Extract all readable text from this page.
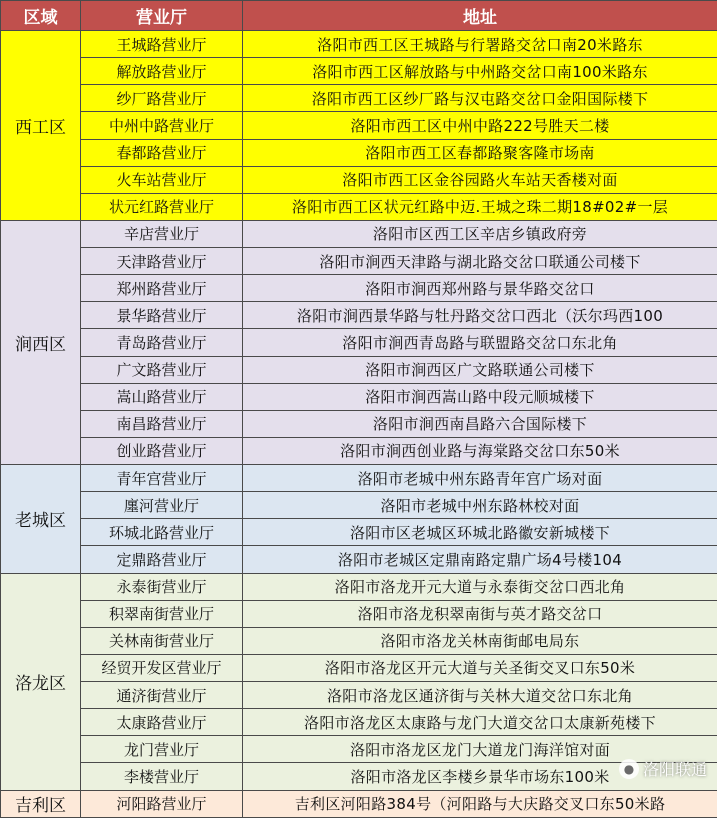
区域	营业厅	地址
西工区	王城路营业厅	洛阳市西工区王城路与行署路交岔口南20米路东
	解放路营业厅	洛阳市西工区解放路与中州路交岔口南100米路东
	纱厂路营业厅	洛阳市西工区纱厂路与汉屯路交岔口金阳国际楼下
	中州中路营业厅	洛阳市西工区中州中路222号胜天二楼
	春都路营业厅	洛阳市西工区春都路聚客隆市场南
	火车站营业厅	洛阳市西工区金谷园路火车站天香楼对面
	状元红路营业厅	洛阳市西工区状元红路中迈.王城之珠二期18#02#一层
涧西区	辛店营业厅	洛阳市区西工区辛店乡镇政府旁
	天津路营业厅	洛阳市涧西天津路与湖北路交岔口联通公司楼下
	郑州路营业厅	洛阳市涧西郑州路与景华路交岔口
	景华路营业厅	洛阳市涧西景华路与牡丹路交岔口西北（沃尔玛西100
	青岛路营业厅	洛阳市涧西青岛路与联盟路交岔口东北角
	广文路营业厅	洛阳市涧西区广文路联通公司楼下
	嵩山路营业厅	洛阳市涧西嵩山路中段元顺城楼下
	南昌路营业厅	洛阳市涧西南昌路六合国际楼下
	创业路营业厅	洛阳市涧西创业路与海棠路交岔口东50米
老城区	青年宫营业厅	洛阳市老城中州东路青年宫广场对面
	廛河营业厅	洛阳市老城中州东路林校对面
	环城北路营业厅	洛阳市区老城区环城北路徽安新城楼下
	定鼎路营业厅	洛阳市老城区定鼎南路定鼎广场4号楼104
洛龙区	永泰街营业厅	洛阳市洛龙开元大道与永泰街交岔口西北角
	积翠南街营业厅	洛阳市洛龙积翠南街与英才路交岔口
	关林南街营业厅	洛阳市洛龙关林南街邮电局东
	经贸开发区营业厅	洛阳市洛龙区开元大道与关圣街交叉口东50米
	通济街营业厅	洛阳市洛龙区通济街与关林大道交岔口东北角
	太康路营业厅	洛阳市洛龙区太康路与龙门大道交岔口太康新苑楼下
	龙门营业厅	洛阳市洛龙区龙门大道龙门海洋馆对面
	李楼营业厅	洛阳市洛龙区李楼乡景华市场东100米
吉利区	河阳路营业厅	吉利区河阳路384号（河阳路与大庆路交叉口东50米路
● 洛阳联通
